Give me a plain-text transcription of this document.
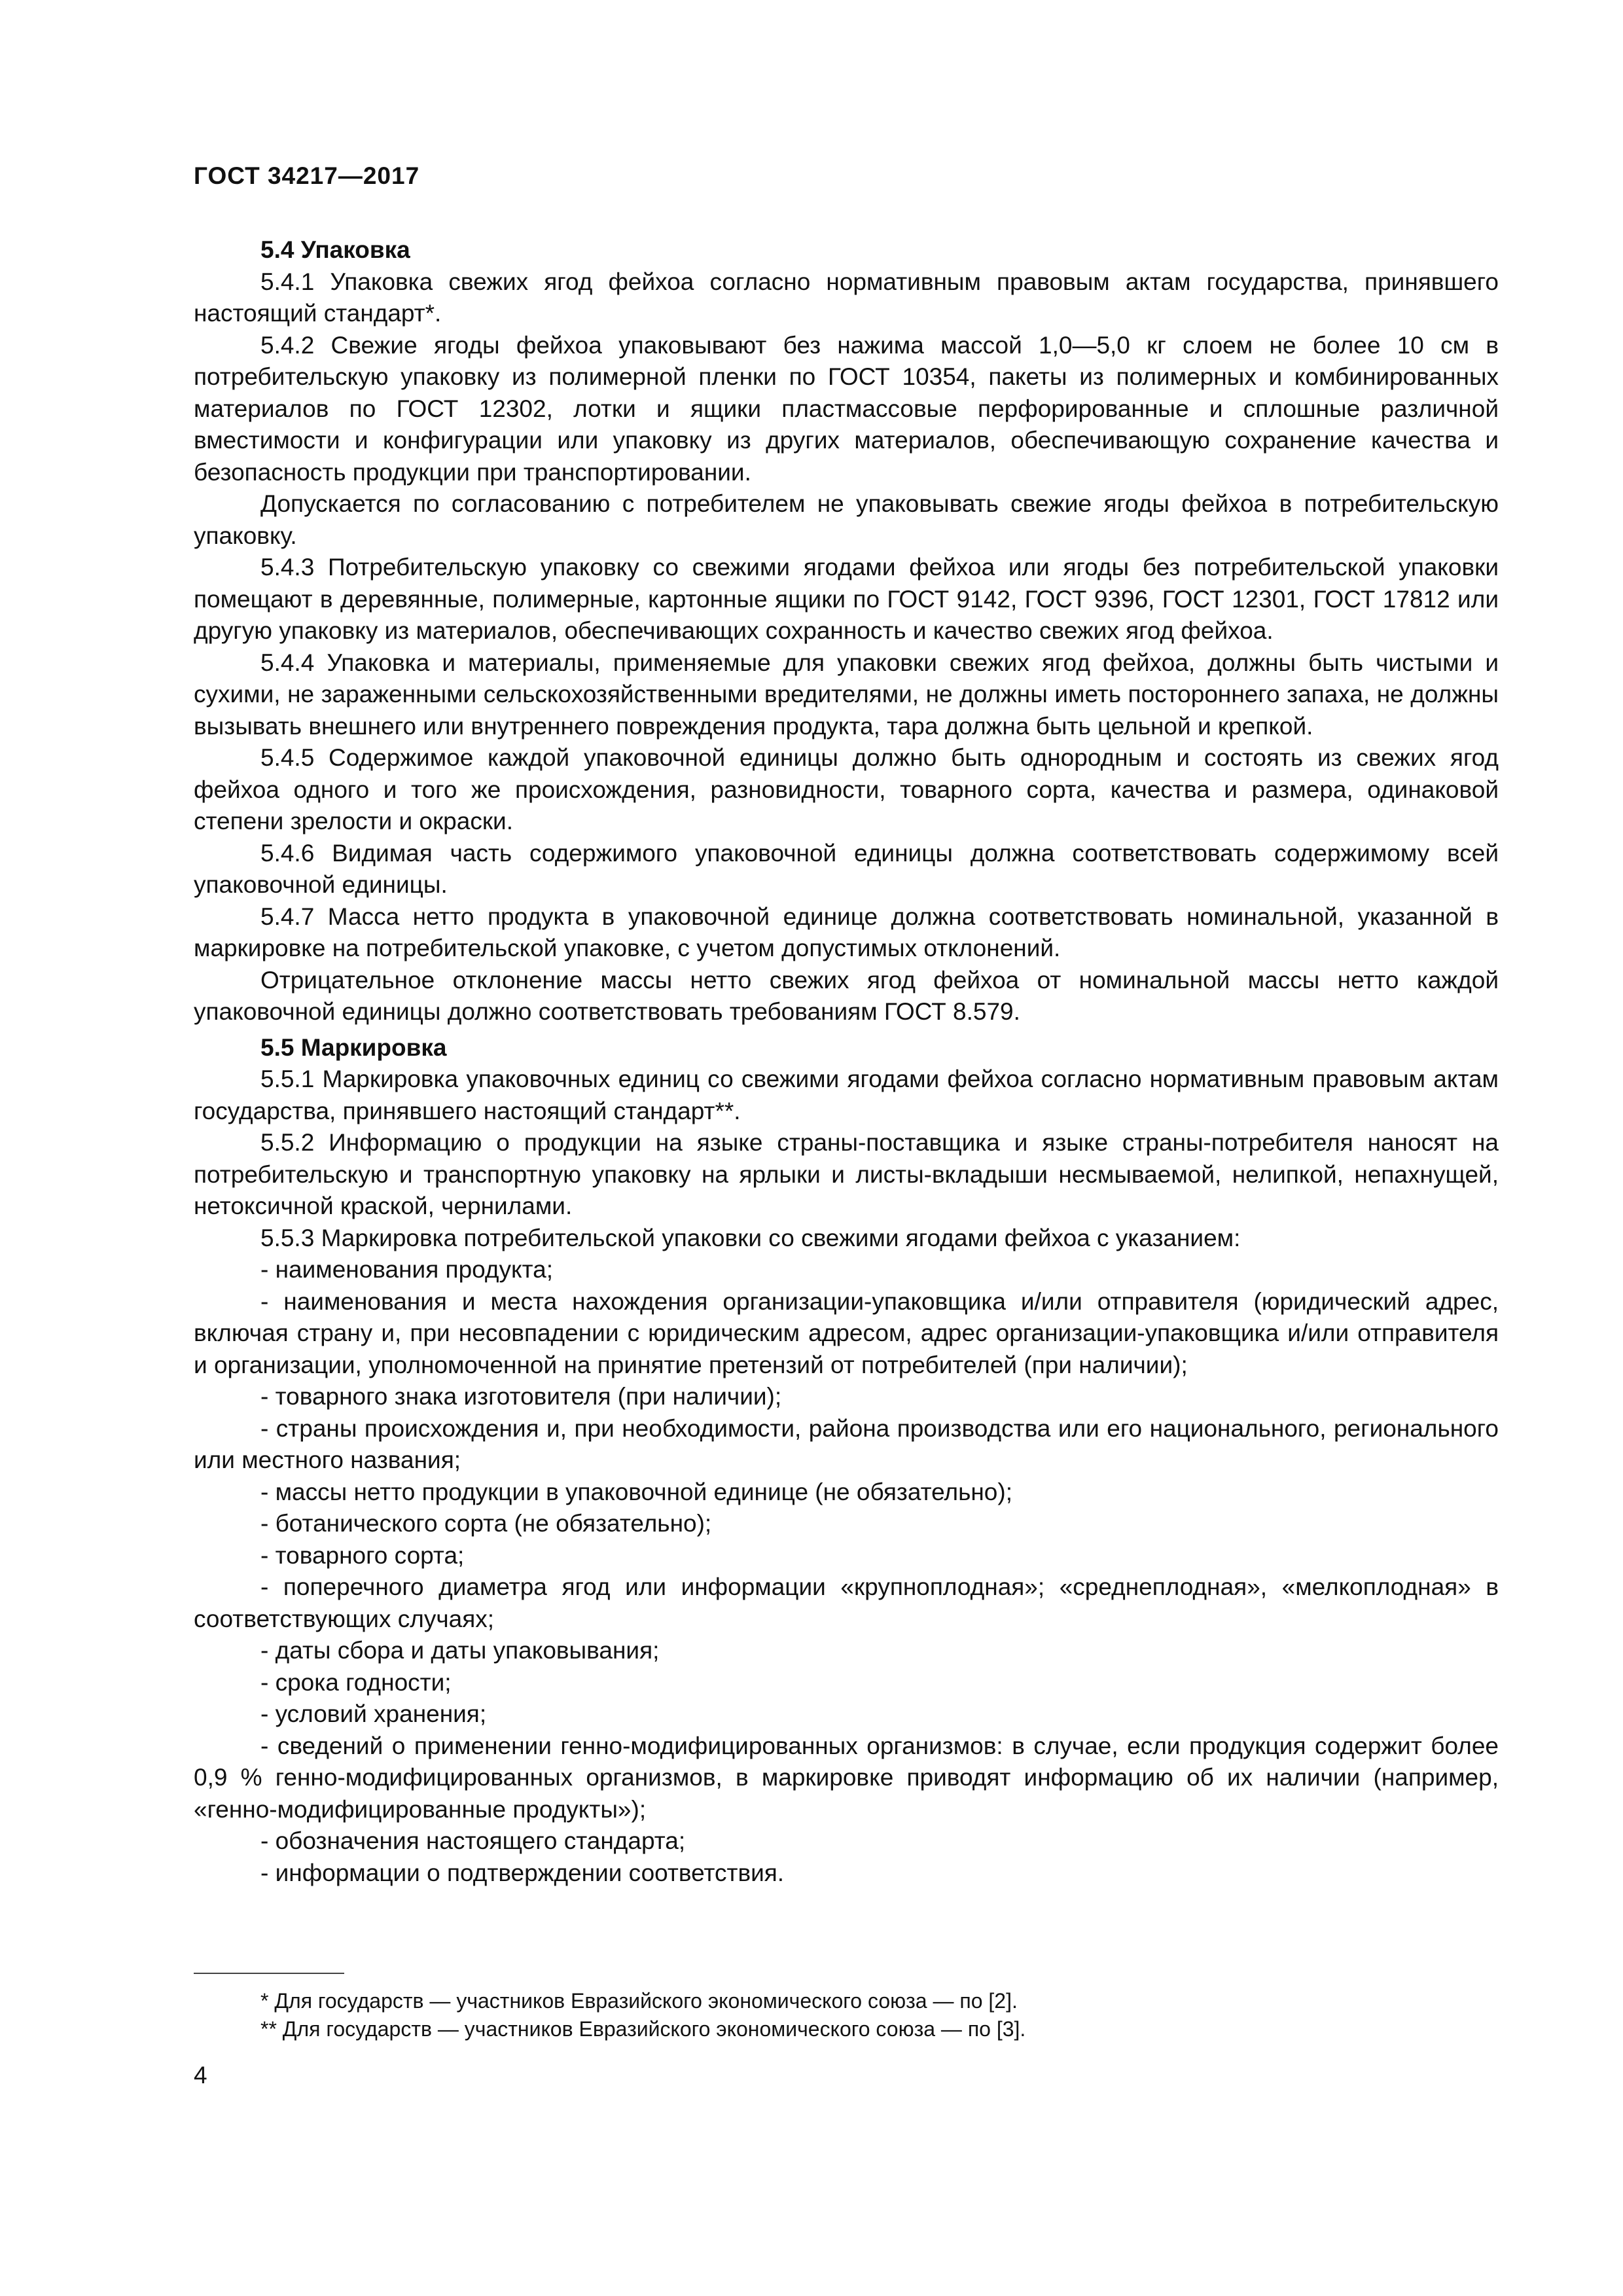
ГОСТ 34217—2017
5.4 Упаковка

5.4.1 Упаковка свежих ягод фейхоа согласно нормативным правовым актам государства, принявшего настоящий стандарт*.

5.4.2 Свежие ягоды фейхоа упаковывают без нажима массой 1,0—5,0 кг слоем не более 10 см в потребительскую упаковку из полимерной пленки по ГОСТ 10354, пакеты из полимерных и комбинированных материалов по ГОСТ 12302, лотки и ящики пластмассовые перфорированные и сплошные различной вместимости и конфигурации или упаковку из других материалов, обеспечивающую сохранение качества и безопасность продукции при транспортировании.

Допускается по согласованию с потребителем не упаковывать свежие ягоды фейхоа в потребительскую упаковку.

5.4.3 Потребительскую упаковку со свежими ягодами фейхоа или ягоды без потребительской упаковки помещают в деревянные, полимерные, картонные ящики по ГОСТ 9142, ГОСТ 9396, ГОСТ 12301, ГОСТ 17812 или другую упаковку из материалов, обеспечивающих сохранность и качество свежих ягод фейхоа.

5.4.4 Упаковка и материалы, применяемые для упаковки свежих ягод фейхоа, должны быть чистыми и сухими, не зараженными сельскохозяйственными вредителями, не должны иметь постороннего запаха, не должны вызывать внешнего или внутреннего повреждения продукта, тара должна быть цельной и крепкой.

5.4.5 Содержимое каждой упаковочной единицы должно быть однородным и состоять из свежих ягод фейхоа одного и того же происхождения, разновидности, товарного сорта, качества и размера, одинаковой степени зрелости и окраски.

5.4.6 Видимая часть содержимого упаковочной единицы должна соответствовать содержимому всей упаковочной единицы.

5.4.7 Масса нетто продукта в упаковочной единице должна соответствовать номинальной, указанной в маркировке на потребительской упаковке, с учетом допустимых отклонений.

Отрицательное отклонение массы нетто свежих ягод фейхоа от номинальной массы нетто каждой упаковочной единицы должно соответствовать требованиям ГОСТ 8.579.

5.5 Маркировка

5.5.1 Маркировка упаковочных единиц со свежими ягодами фейхоа согласно нормативным правовым актам государства, принявшего настоящий стандарт**.

5.5.2 Информацию о продукции на языке страны-поставщика и языке страны-потребителя наносят на потребительскую и транспортную упаковку на ярлыки и листы-вкладыши несмываемой, нелипкой, непахнущей, нетоксичной краской, чернилами.

5.5.3 Маркировка потребительской упаковки со свежими ягодами фейхоа с указанием:

- наименования продукта;

- наименования и места нахождения организации-упаковщика и/или отправителя (юридический адрес, включая страну и, при несовпадении с юридическим адресом, адрес организации-упаковщика и/или отправителя и организации, уполномоченной на принятие претензий от потребителей (при наличии);

- товарного знака изготовителя (при наличии);

- страны происхождения и, при необходимости, района производства или его национального, регионального или местного названия;

- массы нетто продукции в упаковочной единице (не обязательно);

- ботанического сорта (не обязательно);

- товарного сорта;

- поперечного диаметра ягод или информации «крупноплодная»; «среднеплодная», «мелкоплодная» в соответствующих случаях;

- даты сбора и даты упаковывания;

- срока годности;

- условий хранения;

- сведений о применении генно-модифицированных организмов: в случае, если продукция содержит более 0,9 % генно-модифицированных организмов, в маркировке приводят информацию об их наличии (например, «генно-модифицированные продукты»);

- обозначения настоящего стандарта;

- информации о подтверждении соответствия.

* Для государств — участников Евразийского экономического союза — по [2].

** Для государств — участников Евразийского экономического союза — по [3].

4
